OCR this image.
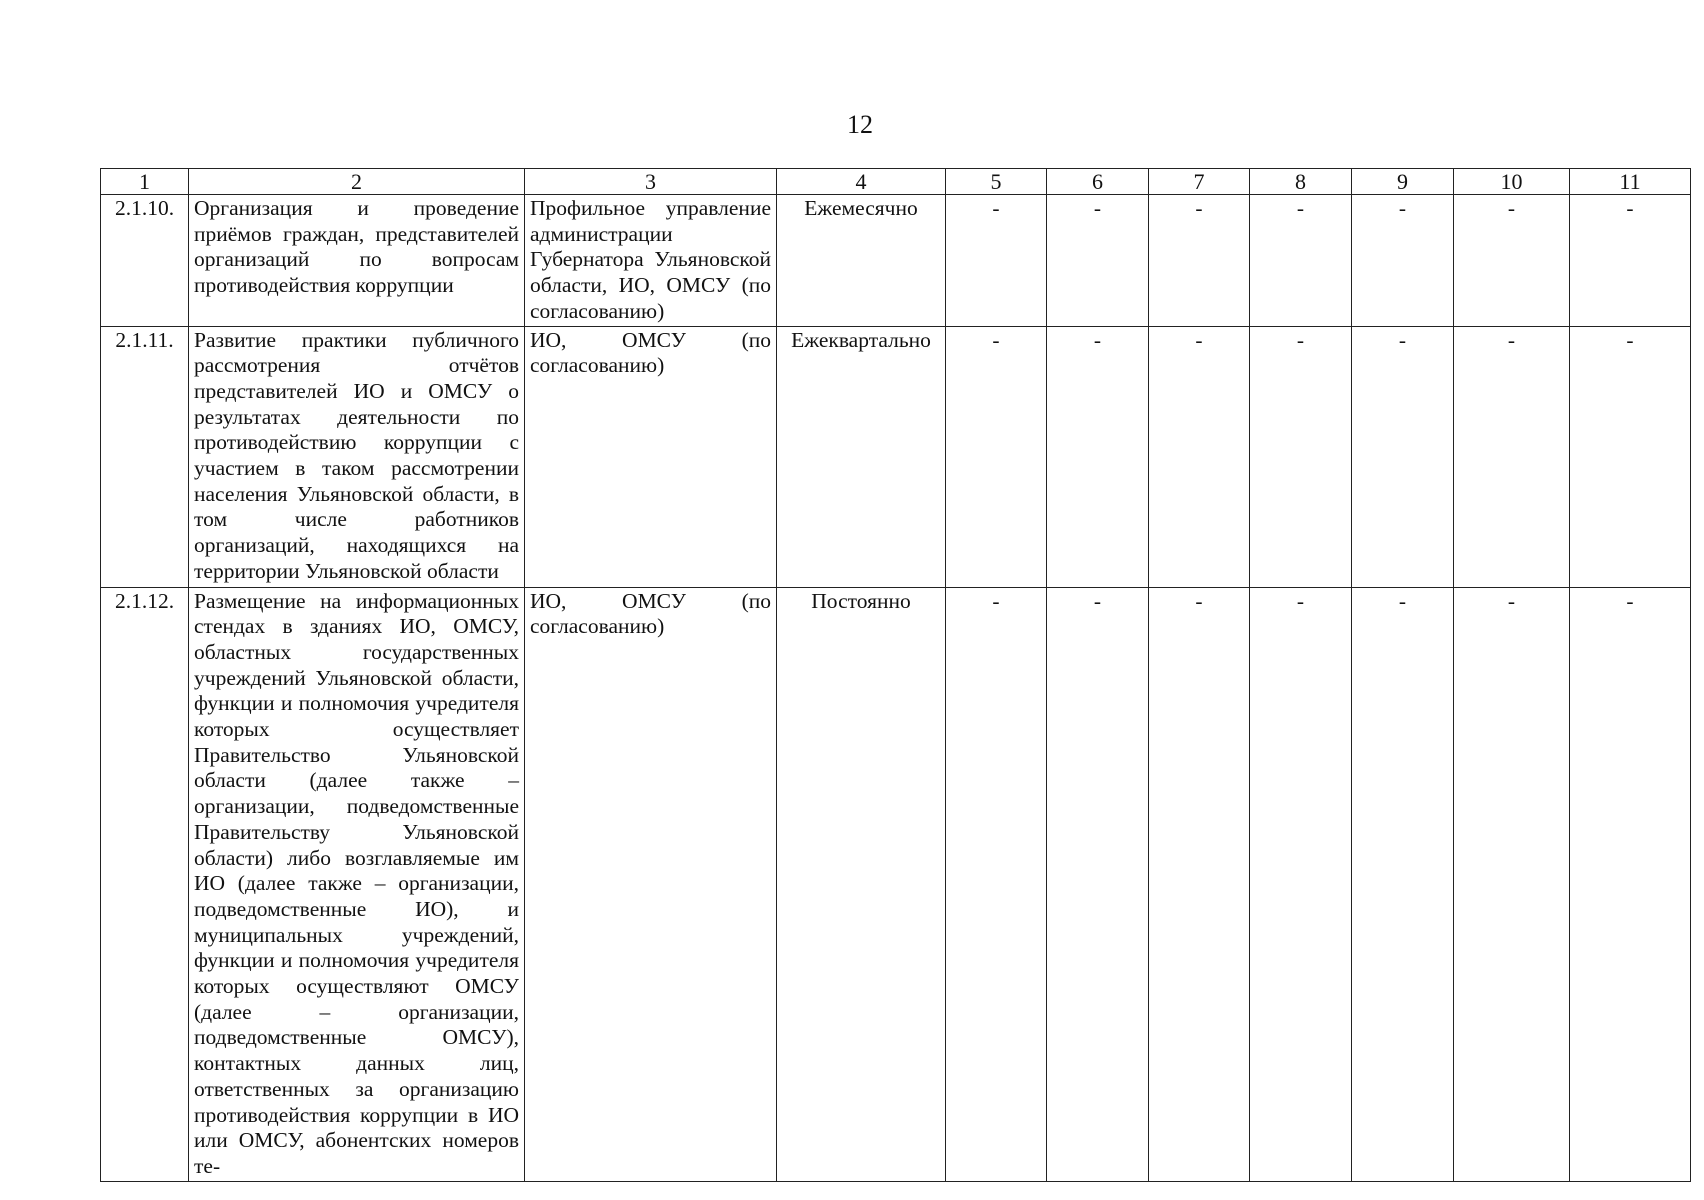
12
1	2	3	4	5	6	7	8	9	10	11
2.1.10.	Организация и проведение приёмов граждан, представителей организаций по вопросам противодействия коррупции	Профильное управление администрации Губернатора Ульяновской области, ИО, ОМСУ (по согласованию)	Ежемесячно	-	-	-	-	-	-	-
2.1.11.	Развитие практики публичного рассмотрения отчётов представителей ИО и ОМСУ о результатах деятельности по противодействию коррупции с участием в таком рассмотрении населения Ульяновской области, в том числе работников организаций, находящихся на территории Ульяновской области	ИО, ОМСУ (по согласованию)	Ежеквартально	-	-	-	-	-	-	-
2.1.12.	Размещение на информационных стендах в зданиях ИО, ОМСУ, областных государственных учреждений Ульяновской области, функции и полномочия учредителя которых осуществляет Правительство Ульяновской области (далее также – организации, подведомственные Правительству Ульяновской области) либо возглавляемые им ИО (далее также – организации, подведомственные ИО), и муниципальных учреждений, функции и полномочия учредителя которых осуществляют ОМСУ (далее – организации, подведомственные ОМСУ), контактных данных лиц, ответственных за организацию противодействия коррупции в ИО или ОМСУ, абонентских номеров те-	ИО, ОМСУ (по согласованию)	Постоянно	-	-	-	-	-	-	-
